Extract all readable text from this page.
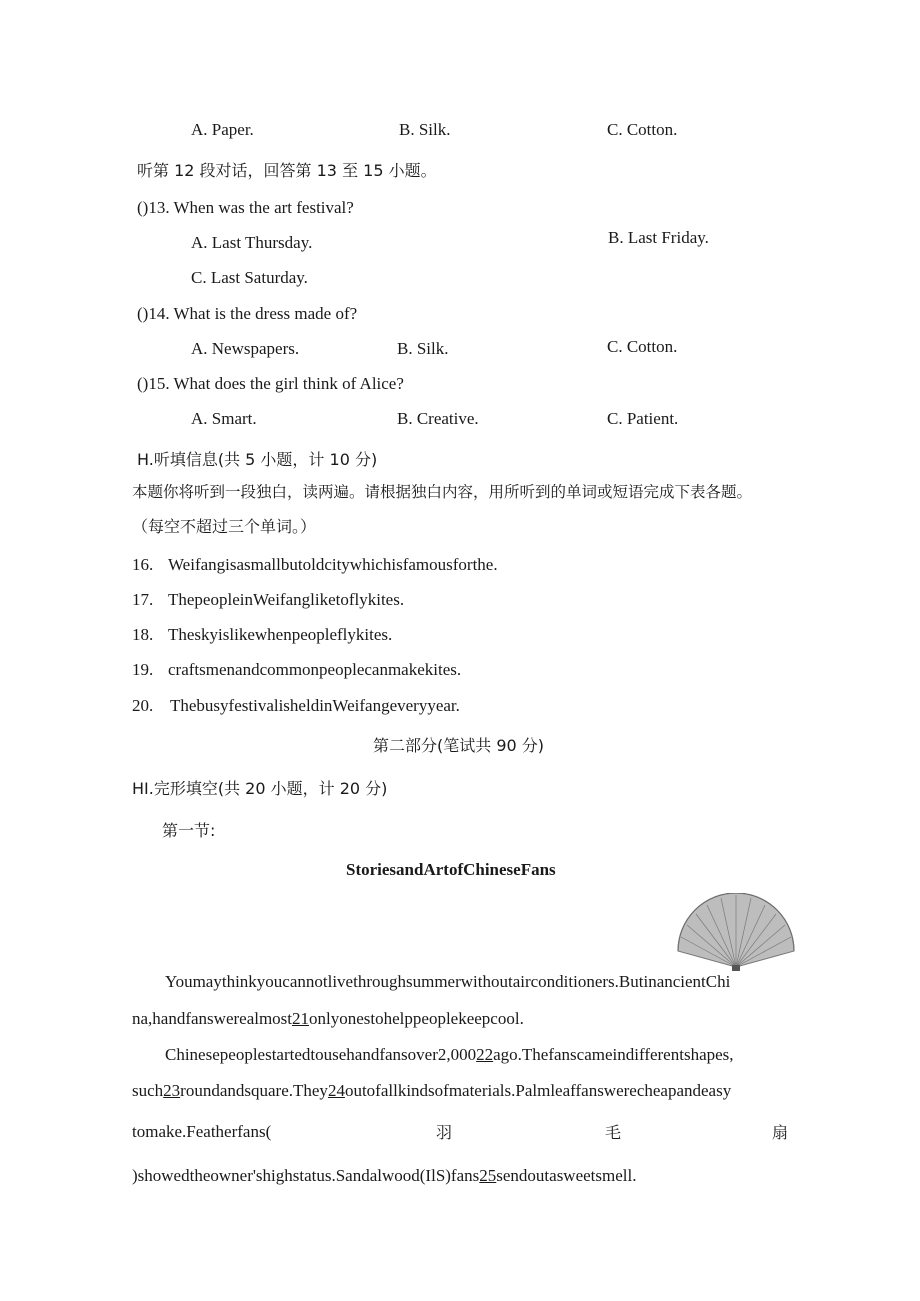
A. Paper.	B. Silk.	C. Cotton.
听第 12 段对话，回答第 13 至 15 小题。
()13. When was the art festival?
A. Last Thursday.	B. Last Friday.
C. Last Saturday.
()14. What is the dress made of?
A. Newspapers.	B. Silk.	C. Cotton.
()15. What does the girl think of Alice?
A. Smart.	B. Creative.	C. Patient.
H.听填信息(共 5 小题，计 10 分)
本题你将听到一段独白，读两遍。请根据独白内容，用所听到的单词或短语完成下表各题。
（每空不超过三个单词。）
16. Weifangisasmallbutoldcitywhichisfamousforthe.
17. ThepeopleinWeifangliketoflykites.
18. Theskyislikewhenpeopleflykites.
19. craftsmenandcommonpeoplecanmakekites.
20. ThebusyfestivalisheldinWeifangeveryyear.
第二部分(笔试共 90 分)
HI.完形填空(共 20 小题，计 20 分)
第一节:
StoriesandArtofChineseFans
Youmaythinkyoucannotlivethroughsummerwithoutairconditioners.ButinancientChi
na,handfanswerealmost21onlyonestohelppeoplekeepcool.
Chinesepeoplestartedtousehandfansover2,00022ago.Thefanscameindifferentshapes,
such23roundandsquare.They24outofallkindsofmaterials.Palmleaffanswerecheapandeasy
tomake.Featherfans(	羽	毛	扇
)showedtheowner'shighstatus.Sandalwood(IlS)fans25sendoutasweetsmell.
